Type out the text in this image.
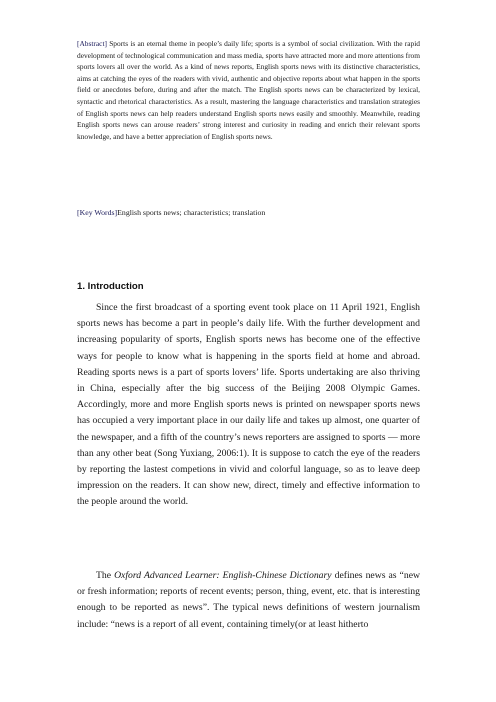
[Abstract] Sports is an eternal theme in people’s daily life; sports is a symbol of social civilization. With the rapid development of technological communication and mass media, sports have attracted more and more attentions from sports lovers all over the world. As a kind of news reports, English sports news with its distinctive characteristics, aims at catching the eyes of the readers with vivid, authentic and objective reports about what happen in the sports field or anecdotes before, during and after the match. The English sports news can be characterized by lexical, syntactic and rhetorical characteristics. As a result, mastering the language characteristics and translation strategies of English sports news can help readers understand English sports news easily and smoothly. Meanwhile, reading English sports news can arouse readers’ strong interest and curiosity in reading and enrich their relevant sports knowledge, and have a better appreciation of English sports news.
[Key Words]English sports news; characteristics; translation
1. Introduction

Since the first broadcast of a sporting event took place on 11 April 1921, English sports news has become a part in people’s daily life. With the further development and increasing popularity of sports, English sports news has become one of the effective ways for people to know what is happening in the sports field at home and abroad. Reading sports news is a part of sports lovers’ life. Sports undertaking are also thriving in China, especially after the big success of the Beijing 2008 Olympic Games. Accordingly, more and more English sports news is printed on newspaper sports news has occupied a very important place in our daily life and takes up almost, one quarter of the newspaper, and a fifth of the country’s news reporters are assigned to sports — more than any other beat (Song Yuxiang, 2006:1). It is suppose to catch the eye of the readers by reporting the lastest competions in vivid and colorful language, so as to leave deep impression on the readers. It can show new, direct, timely and effective information to the people around the world.

The Oxford Advanced Learner: English-Chinese Dictionary defines news as “new or fresh information; reports of recent events; person, thing, event, etc. that is interesting enough to be reported as news”. The typical news definitions of western journalism include: “news is a report of all event, containing timely(or at least hitherto
